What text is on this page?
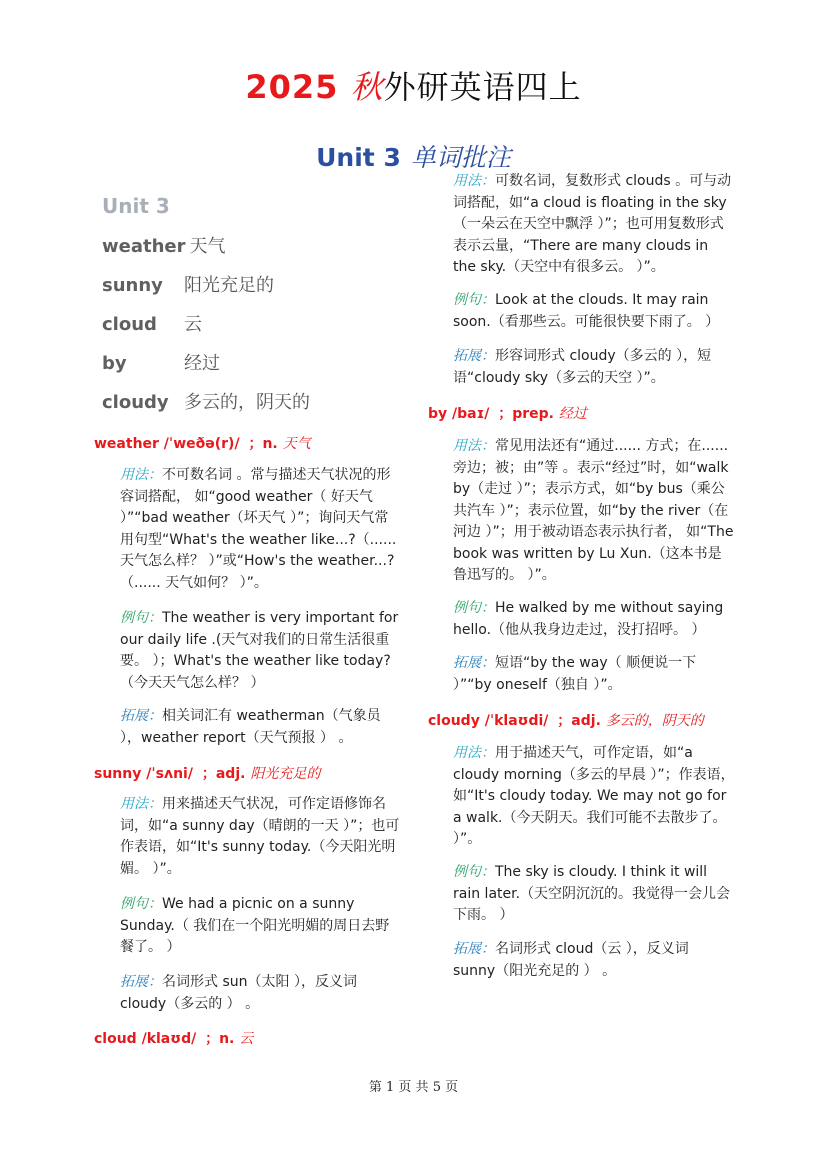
2025 秋外研英语四上
Unit 3 单词批注
Unit 3
weather 天气
sunny 阳光充足的
cloud 云
by	经过
cloudy 多云的，阴天的
weather /ˈweðə(r)/ ；n. 天气
用法：不可数名词 。常与描述天气状况的形容词搭配， 如“good weather（ 好天气 ）”“bad weather（坏天气 ）”；询问天气常用句型“What's the weather like...?（...... 天气怎么样？ ）”或“How's the weather...?（...... 天气如何？ ）”。
例句：The weather is very important for our daily life .(天气对我们的日常生活很重要。 ）；What's the weather like today?（今天天气怎么样？ ）
拓展：相关词汇有 weatherman（气象员 ），weather report（天气预报 ） 。
sunny /ˈsʌni/ ；adj. 阳光充足的
用法：用来描述天气状况，可作定语修饰名词，如“a sunny day（晴朗的一天 ）”；也可作表语，如“It's sunny today.（今天阳光明媚。 ）”。
例句：We had a picnic on a sunny Sunday.（ 我们在一个阳光明媚的周日去野餐了。 ）
拓展：名词形式 sun（太阳 ），反义词 cloudy（多云的 ） 。
cloud /klaʊd/ ；n. 云
用法：可数名词，复数形式 clouds 。可与动词搭配，如“a cloud is floating in the sky（一朵云在天空中飘浮 ）”；也可用复数形式表示云量，“There are many clouds in the sky.（天空中有很多云。 ）”。
例句：Look at the clouds. It may rain soon.（看那些云。可能很快要下雨了。 ）
拓展：形容词形式 cloudy（多云的 ），短语“cloudy sky（多云的天空 ）”。
by /baɪ/ ；prep. 经过
用法：常见用法还有“通过...... 方式；在......旁边；被；由”等 。表示“经过”时，如“walk by（走过 ）”；表示方式，如“by bus（乘公共汽车 ）”；表示位置，如“by the river（在河边 ）”；用于被动语态表示执行者， 如“The book was written by Lu Xun.（这本书是鲁迅写的。 ）”。
例句：He walked by me without saying hello.（他从我身边走过，没打招呼。 ）
拓展：短语“by the way（ 顺便说一下 ）”“by oneself（独自 ）”。
cloudy /ˈklaʊdi/ ；adj. 多云的，阴天的
用法：用于描述天气，可作定语，如“a cloudy morning（多云的早晨 ）”；作表语，如“It's cloudy today. We may not go for a walk.（今天阴天。我们可能不去散步了。 ）”。
例句：The sky is cloudy. I think it will rain later.（天空阴沉沉的。我觉得一会儿会下雨。 ）
拓展：名词形式 cloud（云 ），反义词 sunny（阳光充足的 ） 。
第 1 页 共 5 页
